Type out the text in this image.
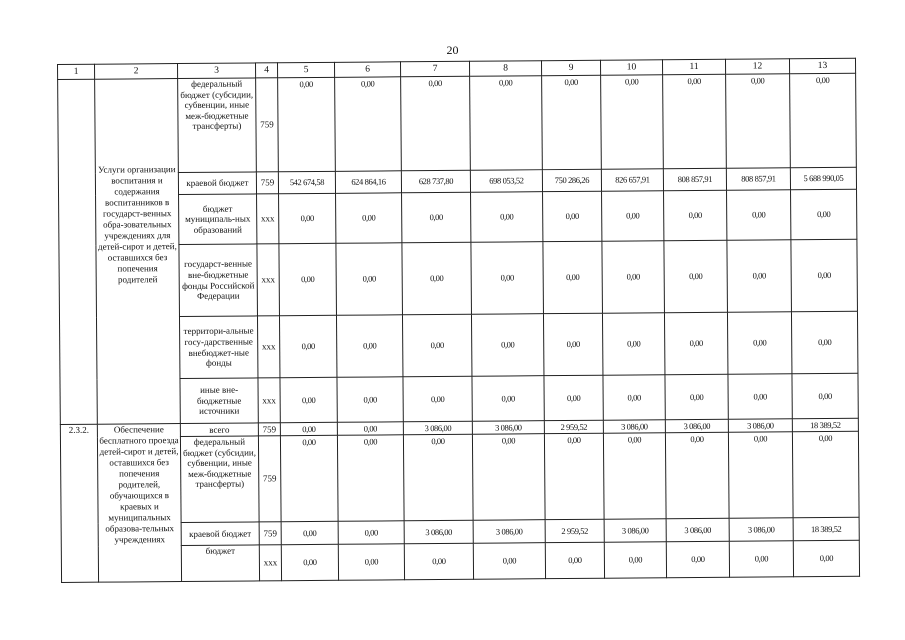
20
1	2	3	4	5	6	7	8	9	10	11	12	13
	Услуги организации воспитания и содержания воспитанников в государст-венных обра-зовательных учреждениях для детей-сирот и детей, оставшихся без попечения родителей	федеральный бюджет (субсидии, субвенции, иные меж-бюджетные трансферты)	759	0,00	0,00	0,00	0,00	0,00	0,00	0,00	0,00	0,00
		краевой бюджет	759	542 674,58	624 864,16	628 737,80	698 053,52	750 286,26	826 657,91	808 857,91	808 857,91	5 688 990,05
		бюджет муниципаль-ных образований	ххх	0,00	0,00	0,00	0,00	0,00	0,00	0,00	0,00	0,00
		государст-венные вне-бюджетные фонды Российской Федерации	ххх	0,00	0,00	0,00	0,00	0,00	0,00	0,00	0,00	0,00
		территори-альные госу-дарственные внебюджет-ные фонды	ххх	0,00	0,00	0,00	0,00	0,00	0,00	0,00	0,00	0,00
		иные вне-бюджетные источники	ххх	0,00	0,00	0,00	0,00	0,00	0,00	0,00	0,00	0,00
2.3.2.	Обеспечение бесплатного проезда детей-сирот и детей, оставшихся без попечения родителей, обучающихся в краевых и муниципальных образова-тельных учреждениях	всего	759	0,00	0,00	3 086,00	3 086,00	2 959,52	3 086,00	3 086,00	3 086,00	18 389,52
		федеральный бюджет (субсидии, субвенции, иные меж-бюджетные трансферты)	759	0,00	0,00	0,00	0,00	0,00	0,00	0,00	0,00	0,00
		краевой бюджет	759	0,00	0,00	3 086,00	3 086,00	2 959,52	3 086,00	3 086,00	3 086,00	18 389,52
		бюджет	ххх	0,00	0,00	0,00	0,00	0,00	0,00	0,00	0,00	0,00
